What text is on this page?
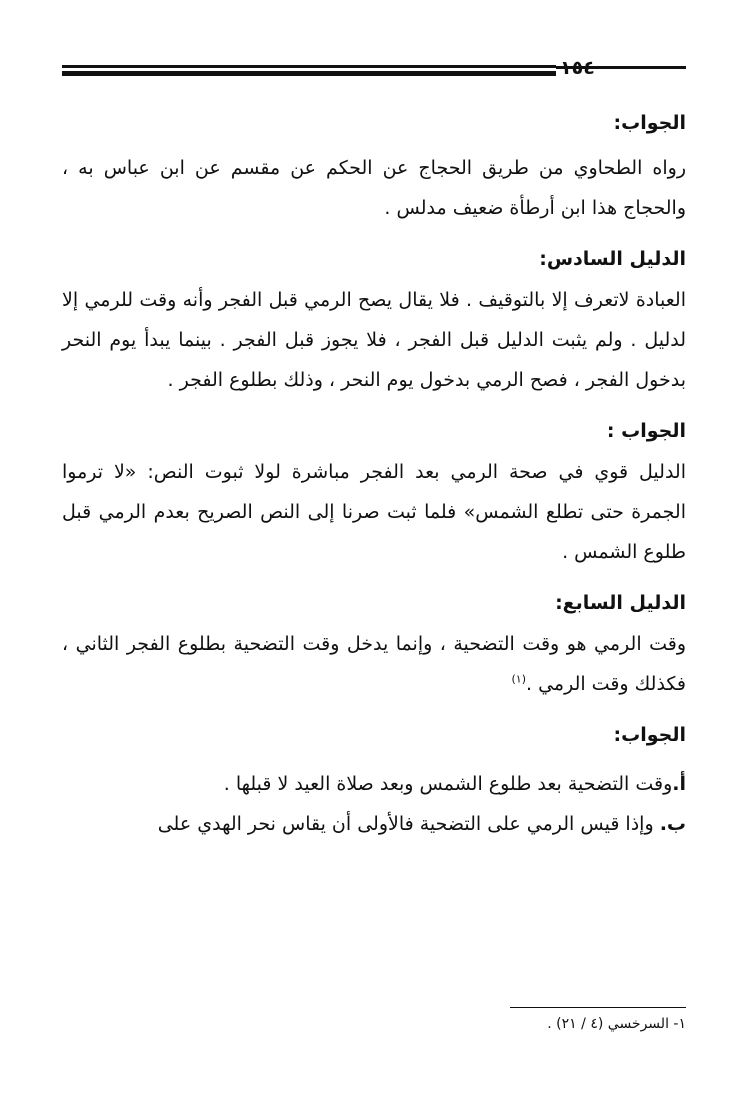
١٥٤
الجواب:

رواه الطحاوي من طريق الحجاج عن الحكم عن مقسم عن ابن عباس به ، والحجاج هذا ابن أرطأة ضعيف مدلس .

الدليل السادس:

العبادة لاتعرف إلا بالتوقيف . فلا يقال يصح الرمي قبل الفجر وأنه وقت للرمي إلا لدليل . ولم يثبت الدليل قبل الفجر ، فلا يجوز قبل الفجر . بينما يبدأ يوم النحر بدخول الفجر ، فصح الرمي بدخول يوم النحر ، وذلك بطلوع الفجر .

الجواب :

الدليل قوي في صحة الرمي بعد الفجر مباشرة لولا ثبوت النص: «لا ترموا الجمرة حتى تطلع الشمس» فلما ثبت صرنا إلى النص الصريح بعدم الرمي قبل طلوع الشمس .

الدليل السابع:

وقت الرمي هو وقت التضحية ، وإنما يدخل وقت التضحية بطلوع الفجر الثاني ، فكذلك وقت الرمي .$^{(١)}$

الجواب:

أ.وقت التضحية بعد طلوع الشمس وبعد صلاة العيد لا قبلها .

ب. وإذا قيس الرمي على التضحية فالأولى أن يقاس نحر الهدي على

١- السرخسي (٤ / ٢١) .
